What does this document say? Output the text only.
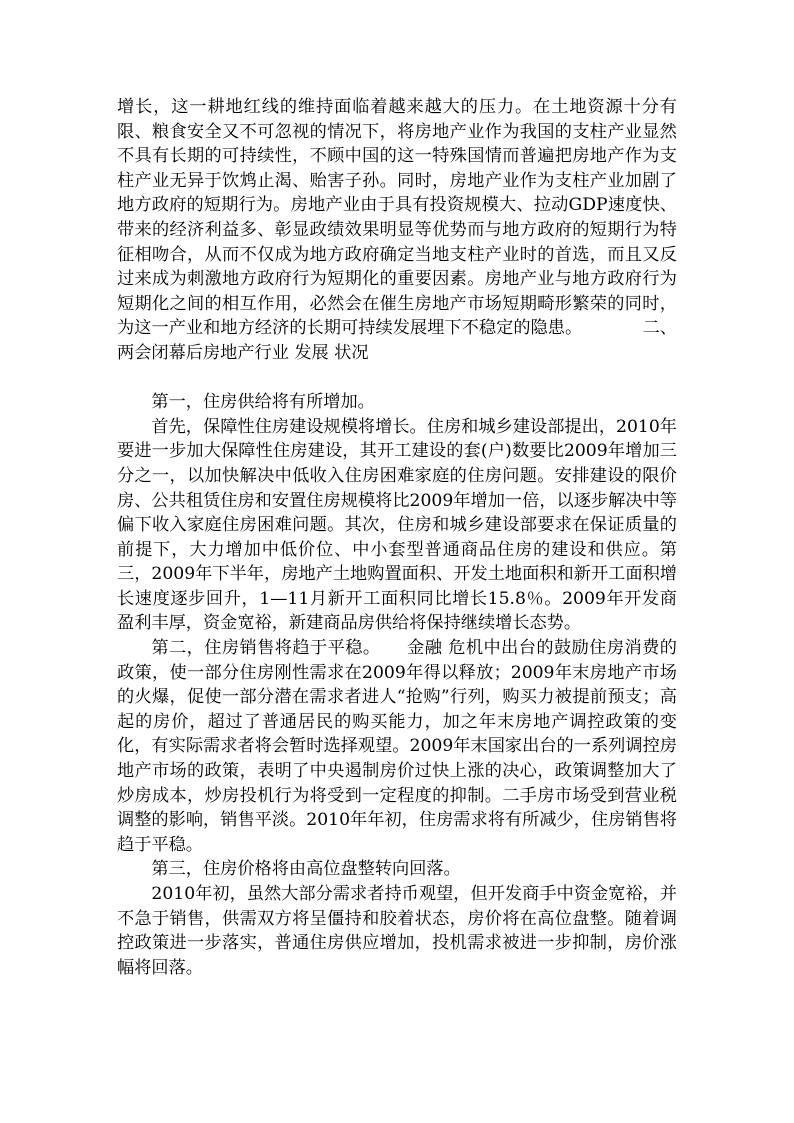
增长，这一耕地红线的维持面临着越来越大的压力。在土地资源十分有限、粮食安全又不可忽视的情况下，将房地产业作为我国的支柱产业显然不具有长期的可持续性，不顾中国的这一特殊国情而普遍把房地产作为支柱产业无异于饮鸩止渴、贻害子孙。同时，房地产业作为支柱产业加剧了地方政府的短期行为。房地产业由于具有投资规模大、拉动GDP速度快、带来的经济利益多、彰显政绩效果明显等优势而与地方政府的短期行为特征相吻合，从而不仅成为地方政府确定当地支柱产业时的首选，而且又反过来成为刺激地方政府行为短期化的重要因素。房地产业与地方政府行为短期化之间的相互作用，必然会在催生房地产市场短期畸形繁荣的同时，为这一产业和地方经济的长期可持续发展埋下不稳定的隐患。　　　　二、两会闭幕后房地产行业 发展 状况

第一，住房供给将有所增加。

首先，保障性住房建设规模将增长。住房和城乡建设部提出，2010年要进一步加大保障性住房建设，其开工建设的套(户)数要比2009年增加三分之一，以加快解决中低收入住房困难家庭的住房问题。安排建设的限价房、公共租赁住房和安置住房规模将比2009年增加一倍，以逐步解决中等偏下收入家庭住房困难问题。其次，住房和城乡建设部要求在保证质量的前提下，大力增加中低价位、中小套型普通商品住房的建设和供应。第三，2009年下半年，房地产土地购置面积、开发土地面积和新开工面积增长速度逐步回升，1—11月新开工面积同比增长15.8％。2009年开发商盈利丰厚，资金宽裕，新建商品房供给将保持继续增长态势。

第二，住房销售将趋于平稳。　　金融 危机中出台的鼓励住房消费的政策，使一部分住房刚性需求在2009年得以释放；2009年末房地产市场的火爆，促使一部分潜在需求者进人“抢购”行列，购买力被提前预支；高起的房价，超过了普通居民的购买能力，加之年末房地产调控政策的变化，有实际需求者将会暂时选择观望。2009年末国家出台的一系列调控房地产市场的政策，表明了中央遏制房价过快上涨的决心，政策调整加大了炒房成本，炒房投机行为将受到一定程度的抑制。二手房市场受到营业税调整的影响，销售平淡。2010年年初，住房需求将有所减少，住房销售将趋于平稳。

第三，住房价格将由高位盘整转向回落。

2010年初，虽然大部分需求者持币观望，但开发商手中资金宽裕，并不急于销售，供需双方将呈僵持和胶着状态，房价将在高位盘整。随着调控政策进一步落实，普通住房供应增加，投机需求被进一步抑制，房价涨幅将回落。
